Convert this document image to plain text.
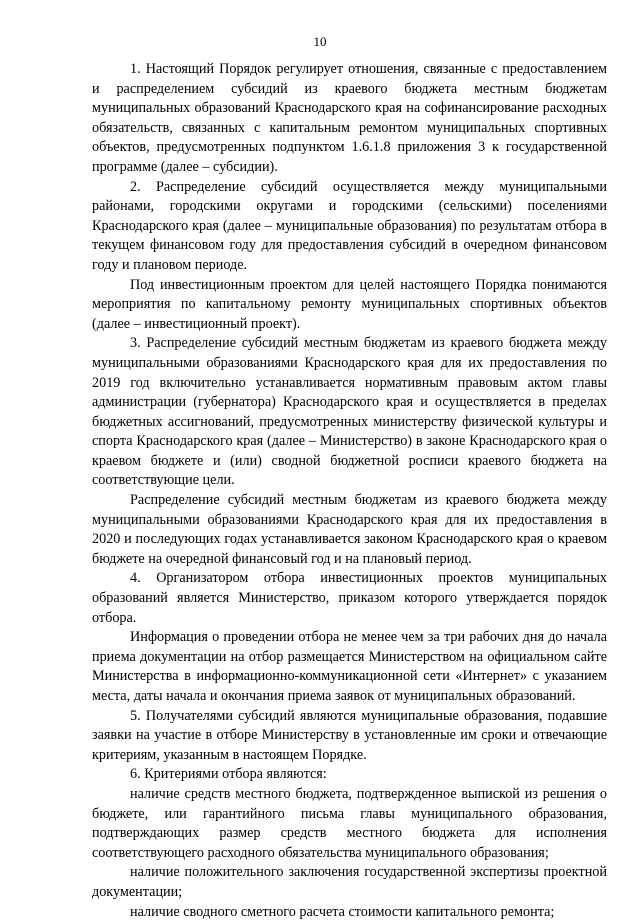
10

1. Настоящий Порядок регулирует отношения, связанные с предоставлением и распределением субсидий из краевого бюджета местным бюджетам муниципальных образований Краснодарского края на софинансирование расходных обязательств, связанных с капитальным ремонтом муниципальных спортивных объектов, предусмотренных подпунктом 1.6.1.8 приложения 3 к государственной программе (далее – субсидии).

2. Распределение субсидий осуществляется между муниципальными районами, городскими округами и городскими (сельскими) поселениями Краснодарского края (далее – муниципальные образования) по результатам отбора в текущем финансовом году для предоставления субсидий в очередном финансовом году и плановом периоде.

Под инвестиционным проектом для целей настоящего Порядка понимаются мероприятия по капитальному ремонту муниципальных спортивных объектов (далее – инвестиционный проект).

3. Распределение субсидий местным бюджетам из краевого бюджета между муниципальными образованиями Краснодарского края для их предоставления по 2019 год включительно устанавливается нормативным правовым актом главы администрации (губернатора) Краснодарского края и осуществляется в пределах бюджетных ассигнований, предусмотренных министерству физической культуры и спорта Краснодарского края (далее – Министерство) в законе Краснодарского края о краевом бюджете и (или) сводной бюджетной росписи краевого бюджета на соответствующие цели.

Распределение субсидий местным бюджетам из краевого бюджета между муниципальными образованиями Краснодарского края для их предоставления в 2020 и последующих годах устанавливается законом Краснодарского края о краевом бюджете на очередной финансовый год и на плановый период.

4. Организатором отбора инвестиционных проектов муниципальных образований является Министерство, приказом которого утверждается порядок отбора.

Информация о проведении отбора не менее чем за три рабочих дня до начала приема документации на отбор размещается Министерством на официальном сайте Министерства в информационно-коммуникационной сети «Интернет» с указанием места, даты начала и окончания приема заявок от муниципальных образований.

5. Получателями субсидий являются муниципальные образования, подавшие заявки на участие в отборе Министерству в установленные им сроки и отвечающие критериям, указанным в настоящем Порядке.

6. Критериями отбора являются:

наличие средств местного бюджета, подтвержденное выпиской из решения о бюджете, или гарантийного письма главы муниципального образования, подтверждающих размер средств местного бюджета для исполнения соответствующего расходного обязательства муниципального образования;

наличие положительного заключения государственной экспертизы проектной документации;

наличие сводного сметного расчета стоимости капитального ремонта;
